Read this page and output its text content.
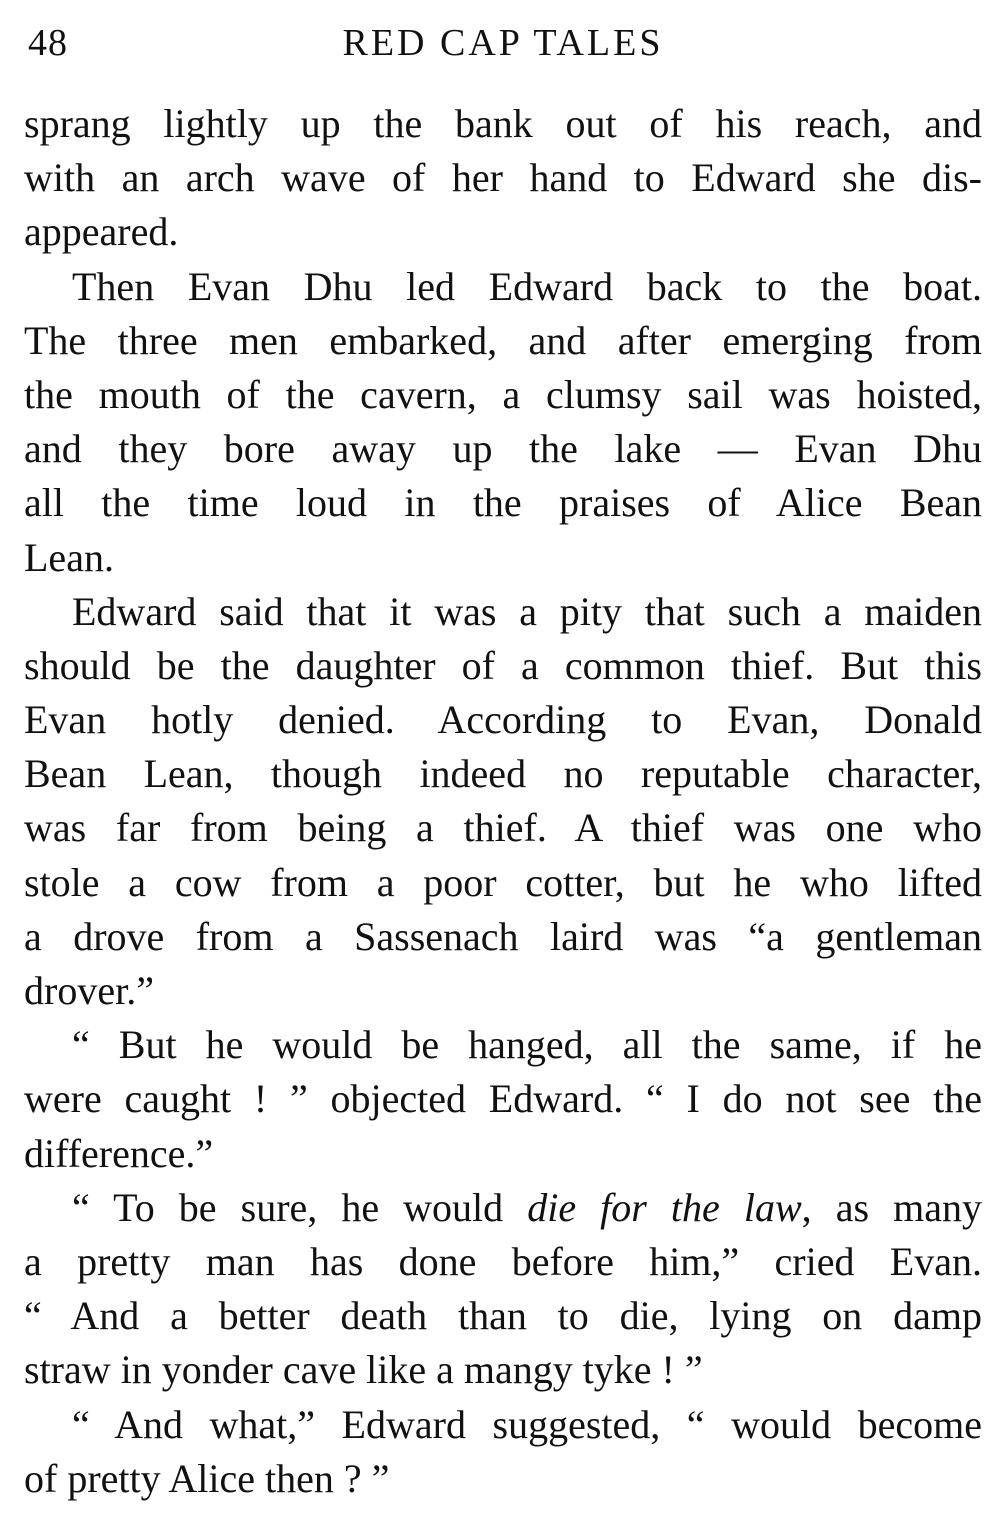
48	RED CAP TALES
sprang lightly up the bank out of his reach, and
with an arch wave of her hand to Edward she dis-
appeared.
Then Evan Dhu led Edward back to the boat.
The three men embarked, and after emerging from
the mouth of the cavern, a clumsy sail was hoisted,
and they bore away up the lake — Evan Dhu
all the time loud in the praises of Alice Bean
Lean.
Edward said that it was a pity that such a maiden
should be the daughter of a common thief. But this
Evan hotly denied. According to Evan, Donald
Bean Lean, though indeed no reputable character,
was far from being a thief. A thief was one who
stole a cow from a poor cotter, but he who lifted
a drove from a Sassenach laird was “a gentleman
drover.”
“ But he would be hanged, all the same, if he
were caught ! ” objected Edward. “ I do not see the
difference.”
“ To be sure, he would die for the law, as many
a pretty man has done before him,” cried Evan.
“ And a better death than to die, lying on damp
straw in yonder cave like a mangy tyke ! ”
“ And what,” Edward suggested, “ would become
of pretty Alice then ? ”
